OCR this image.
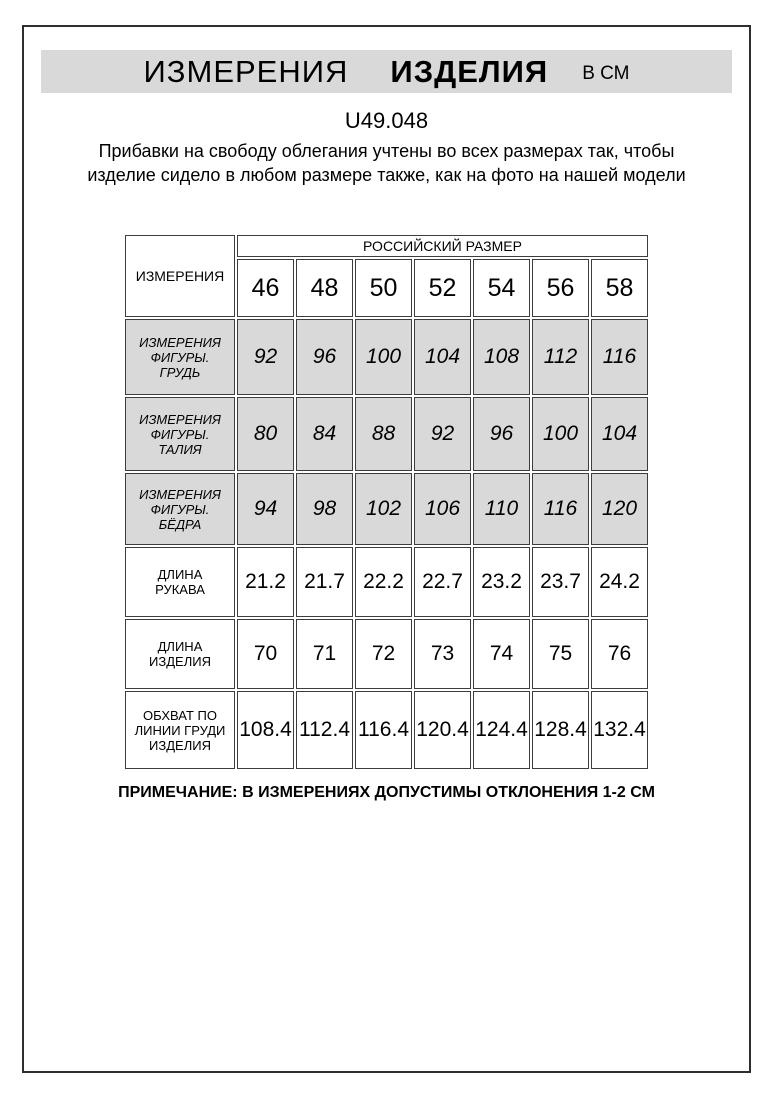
ИЗМЕРЕНИЯ ИЗДЕЛИЯ В СМ
U49.048
Прибавки на свободу облегания учтены во всех размерах так, чтобы изделие сидело в любом размере также, как на фото на нашей модели
ИЗМЕРЕНИЯ	РОССИЙСКИЙ РАЗМЕР						
	46	48	50	52	54	56	58
ИЗМЕРЕНИЯ ФИГУРЫ. ГРУДЬ	92	96	100	104	108	112	116
ИЗМЕРЕНИЯ ФИГУРЫ. ТАЛИЯ	80	84	88	92	96	100	104
ИЗМЕРЕНИЯ ФИГУРЫ. БЁДРА	94	98	102	106	110	116	120
ДЛИНА РУКАВА	21.2	21.7	22.2	22.7	23.2	23.7	24.2
ДЛИНА ИЗДЕЛИЯ	70	71	72	73	74	75	76
ОБХВАТ ПО ЛИНИИ ГРУДИ ИЗДЕЛИЯ	108.4	112.4	116.4	120.4	124.4	128.4	132.4
ПРИМЕЧАНИЕ: В ИЗМЕРЕНИЯХ ДОПУСТИМЫ ОТКЛОНЕНИЯ 1-2 СМ
